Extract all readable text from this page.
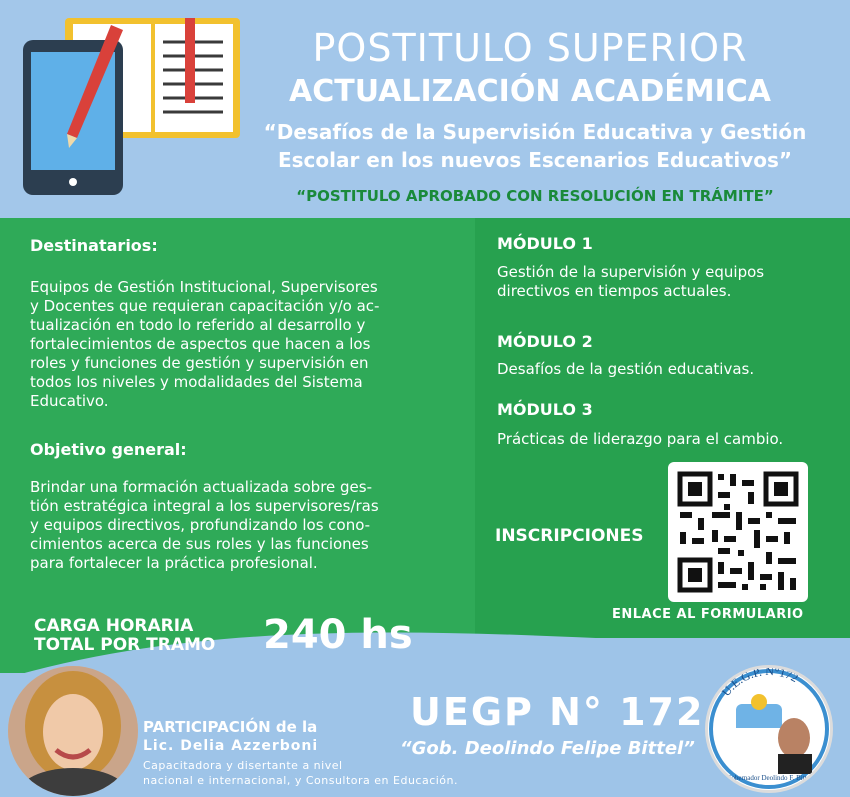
POSTITULO SUPERIOR
ACTUALIZACIÓN ACADÉMICA
“Desafíos de la Supervisión Educativa y Gestión
Escolar en los nuevos Escenarios Educativos”
“POSTITULO APROBADO CON RESOLUCIÓN EN TRÁMITE”
Destinatarios:
Equipos de Gestión Institucional, Supervisores
y Docentes que requieran capacitación y/o ac-
tualización en todo lo referido al desarrollo y
fortalecimientos de aspectos que hacen a los
roles y funciones de gestión y supervisión en
todos los niveles y modalidades del Sistema
Educativo.
Objetivo general:
Brindar una formación actualizada sobre ges-
tión estratégica integral a los supervisores/ras
y equipos directivos, profundizando los cono-
cimientos acerca de sus roles y las funciones
para fortalecer la práctica profesional.
MÓDULO 1
Gestión de la supervisión y equipos
directivos en tiempos actuales.
MÓDULO 2
Desafíos de la gestión educativas.
MÓDULO 3
Prácticas de liderazgo para el cambio.
INSCRIPCIONES
ENLACE AL FORMULARIO
CARGA HORARIA
TOTAL POR TRAMO 240 hs
PARTICIPACIÓN de la
Lic. Delia Azzerboni
Capacitadora y disertante a nivel
nacional e internacional, y Consultora en Educación.
UEGP N° 172
“Gob. Deolindo Felipe Bittel”
U.E.G.P. N°172
Gobernador Deolindo F. Bittel
